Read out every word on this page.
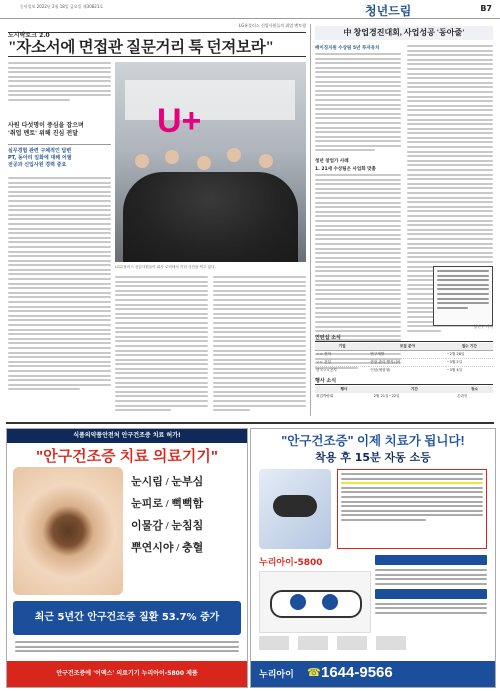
동아일보 2022년 2월 18일 금요일 제30821호	청년드림	B7
도시락토크 2.0
LG유플러스 신입사원들의 취업 멘토링
"자소서에 면접관 질문거리 툭 던져보라"
U+
사원 다섯명이 중심을 잡으며
'취업 멘토' 위해 진심 전달
실무경험 관련 구체적인 답변
PT, 동아리 일화에 대해 어필
전공과 신입사원 경력 중요
LG유플러스 신입사원들이 회사 로비에서 기념 사진을 찍고 있다.
中 창업경진대회, 사업성공 '동아줄'
베이징지원 수상팀 5년 투자유치
청년 창업가 사례
1. 21세 수상팀은 사업화 맞춤
양진우 기자
인턴십 소식
기업	모집 분야	접수 기간
ㅇㅇ 전자	연구개발	~2월 28일
ㅇㅇ 건설	현장 관리 엔지니어	~3월 2일
한국ㅇㅇ공사	인턴(체험형)	~3월 4일
행사 소식
행사	기간	장소
취업박람회	2월 21일~22일	온라인
식품의약품안전처 안구건조증 치료 허가!
"안구건조증 치료 의료기기"
눈시림 / 눈부심
눈피로 / 뻑뻑함
이물감 / 눈침침
뿌연시야 / 충혈
최근 5년간 안구건조증 질환 53.7% 증가
안구건조증에 '이맥스' 의료기기 누리아이-5800 제품
"안구건조증" 이제 치료가 됩니다!
착용 후 15분 자동 소등
누리아이-5800

누리아이 ☎ 1644-9566
